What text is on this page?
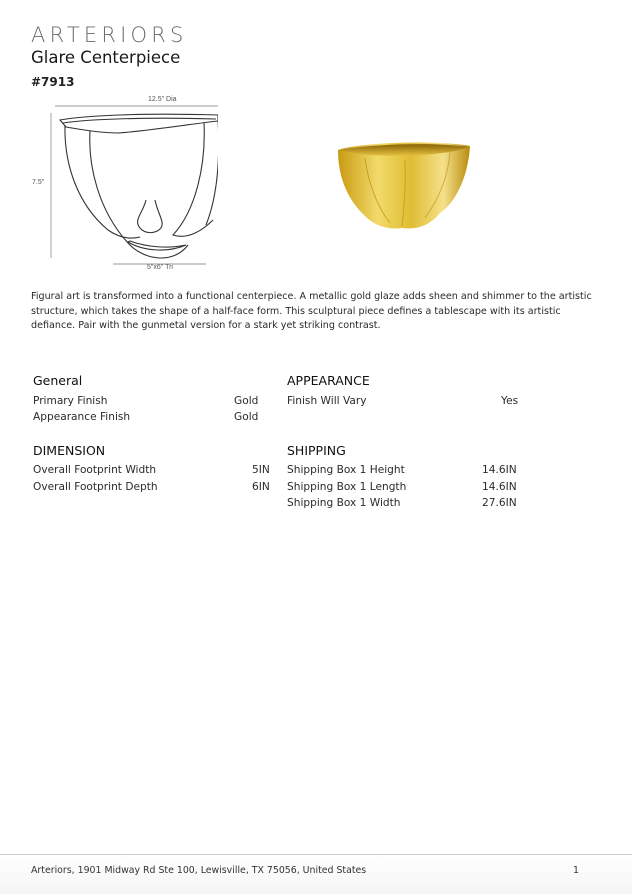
ARTERIORS
Glare Centerpiece
#7913
12.5" Dia
7.5"
5"x6" Tri

Figural art is transformed into a functional centerpiece. A metallic gold glaze adds sheen and shimmer to the artistic structure, which takes the shape of a half-face form. This sculptural piece defines a tablescape with its artistic defiance. Pair with the gunmetal version for a stark yet striking contrast.

General
Primary Finish	Gold
Appearance Finish	Gold
APPEARANCE
Finish Will Vary	Yes
DIMENSION
Overall Footprint Width	5IN
Overall Footprint Depth	6IN
SHIPPING
Shipping Box 1 Height	14.6IN
Shipping Box 1 Length	14.6IN
Shipping Box 1 Width	27.6IN
Arteriors, 1901 Midway Rd Ste 100, Lewisville, TX 75056, United States	1
